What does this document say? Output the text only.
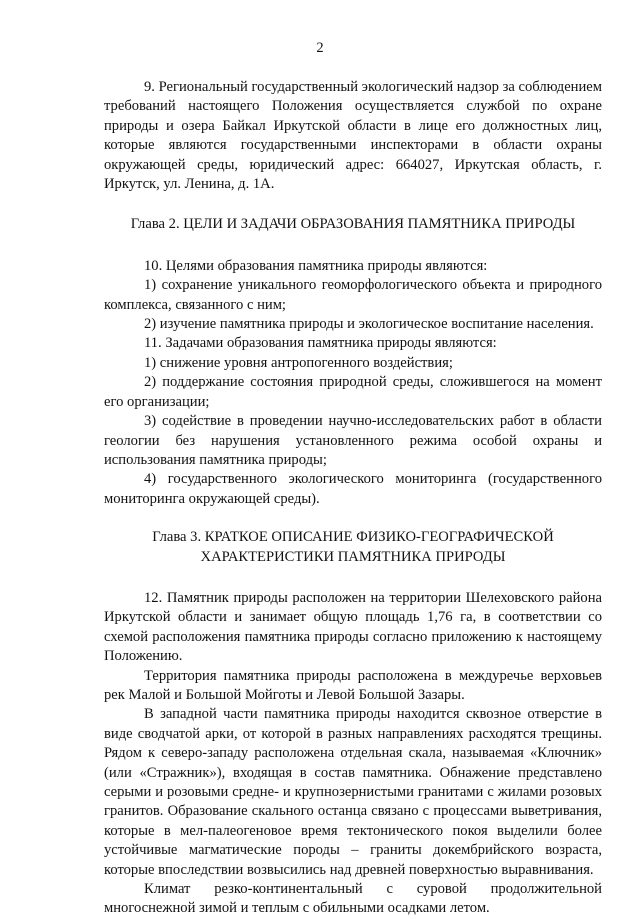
2

9. Региональный государственный экологический надзор за соблюдением требований настоящего Положения осуществляется службой по охране природы и озера Байкал Иркутской области в лице его должностных лиц, которые являются государственными инспекторами в области охраны окружающей среды, юридический адрес: 664027, Иркутская область, г. Иркутск, ул. Ленина, д. 1А.

Глава 2. ЦЕЛИ И ЗАДАЧИ ОБРАЗОВАНИЯ ПАМЯТНИКА ПРИРОДЫ

10. Целями образования памятника природы являются:

1) сохранение уникального геоморфологического объекта и природного комплекса, связанного с ним;

2) изучение памятника природы и экологическое воспитание населения.

11. Задачами образования памятника природы являются:

1) снижение уровня антропогенного воздействия;

2) поддержание состояния природной среды, сложившегося на момент его организации;

3) содействие в проведении научно-исследовательских работ в области геологии без нарушения установленного режима особой охраны и использования памятника природы;

4) государственного экологического мониторинга (государственного мониторинга окружающей среды).

Глава 3. КРАТКОЕ ОПИСАНИЕ ФИЗИКО-ГЕОГРАФИЧЕСКОЙ

ХАРАКТЕРИСТИКИ ПАМЯТНИКА ПРИРОДЫ

12. Памятник природы расположен на территории Шелеховского района Иркутской области и занимает общую площадь 1,76 га, в соответствии со схемой расположения памятника природы согласно приложению к настоящему Положению.

Территория памятника природы расположена в междуречье верховьев рек Малой и Большой Мойготы и Левой Большой Зазары.

В западной части памятника природы находится сквозное отверстие в виде сводчатой арки, от которой в разных направлениях расходятся трещины. Рядом к северо-западу расположена отдельная скала, называемая «Ключник» (или «Стражник»), входящая в состав памятника. Обнажение представлено серыми и розовыми средне- и крупнозернистыми гранитами с жилами розовых гранитов. Образование скального останца связано с процессами выветривания, которые в мел-палеогеновое время тектонического покоя выделили более устойчивые магматические породы – граниты докембрийского возраста, которые впоследствии возвысились над древней поверхностью выравнивания.

Климат резко-континентальный с суровой продолжительной многоснежной зимой и теплым с обильными осадками летом.
